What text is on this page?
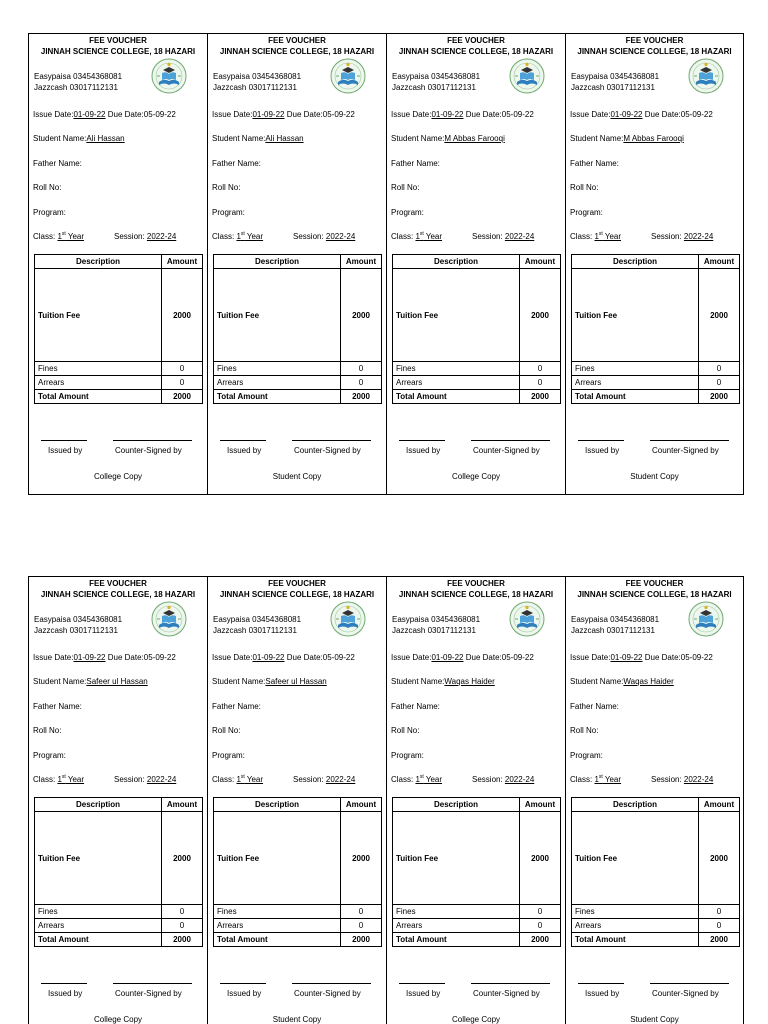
FEE VOUCHER
JINNAH SCIENCE COLLEGE, 18 HAZARI
Easypaisa 03454368081
Jazzcash 03017112131
Issue Date:01-09-22 Due Date:05-09-22
Student Name:Ali Hassan
Father Name:
Roll No:
Program:
Class: 1st Year	Session: 2022-24
Description	Amount
Tuition Fee	2000
Fines	0
Arrears	0
Total Amount	2000
Issued by	Counter-Signed by
College Copy
FEE VOUCHER
JINNAH SCIENCE COLLEGE, 18 HAZARI
Easypaisa 03454368081
Jazzcash 03017112131
Issue Date:01-09-22 Due Date:05-09-22
Student Name:Ali Hassan
Father Name:
Roll No:
Program:
Class: 1st Year	Session: 2022-24
Description	Amount
Tuition Fee	2000
Fines	0
Arrears	0
Total Amount	2000
Issued by	Counter-Signed by
Student Copy
FEE VOUCHER
JINNAH SCIENCE COLLEGE, 18 HAZARI
Easypaisa 03454368081
Jazzcash 03017112131
Issue Date:01-09-22 Due Date:05-09-22
Student Name:M Abbas Farooqi
Father Name:
Roll No:
Program:
Class: 1st Year	Session: 2022-24
Description	Amount
Tuition Fee	2000
Fines	0
Arrears	0
Total Amount	2000
Issued by	Counter-Signed by
College Copy
FEE VOUCHER
JINNAH SCIENCE COLLEGE, 18 HAZARI
Easypaisa 03454368081
Jazzcash 03017112131
Issue Date:01-09-22 Due Date:05-09-22
Student Name:M Abbas Farooqi
Father Name:
Roll No:
Program:
Class: 1st Year	Session: 2022-24
Description	Amount
Tuition Fee	2000
Fines	0
Arrears	0
Total Amount	2000
Issued by	Counter-Signed by
Student Copy
FEE VOUCHER
JINNAH SCIENCE COLLEGE, 18 HAZARI
Easypaisa 03454368081
Jazzcash 03017112131
Issue Date:01-09-22 Due Date:05-09-22
Student Name:Safeer ul Hassan
Father Name:
Roll No:
Program:
Class: 1st Year	Session: 2022-24
Description	Amount
Tuition Fee	2000
Fines	0
Arrears	0
Total Amount	2000
Issued by	Counter-Signed by
College Copy
FEE VOUCHER
JINNAH SCIENCE COLLEGE, 18 HAZARI
Easypaisa 03454368081
Jazzcash 03017112131
Issue Date:01-09-22 Due Date:05-09-22
Student Name:Safeer ul Hassan
Father Name:
Roll No:
Program:
Class: 1st Year	Session: 2022-24
Description	Amount
Tuition Fee	2000
Fines	0
Arrears	0
Total Amount	2000
Issued by	Counter-Signed by
Student Copy
FEE VOUCHER
JINNAH SCIENCE COLLEGE, 18 HAZARI
Easypaisa 03454368081
Jazzcash 03017112131
Issue Date:01-09-22 Due Date:05-09-22
Student Name:Waqas Haider
Father Name:
Roll No:
Program:
Class: 1st Year	Session: 2022-24
Description	Amount
Tuition Fee	2000
Fines	0
Arrears	0
Total Amount	2000
Issued by	Counter-Signed by
College Copy
FEE VOUCHER
JINNAH SCIENCE COLLEGE, 18 HAZARI
Easypaisa 03454368081
Jazzcash 03017112131
Issue Date:01-09-22 Due Date:05-09-22
Student Name:Waqas Haider
Father Name:
Roll No:
Program:
Class: 1st Year	Session: 2022-24
Description	Amount
Tuition Fee	2000
Fines	0
Arrears	0
Total Amount	2000
Issued by	Counter-Signed by
Student Copy
